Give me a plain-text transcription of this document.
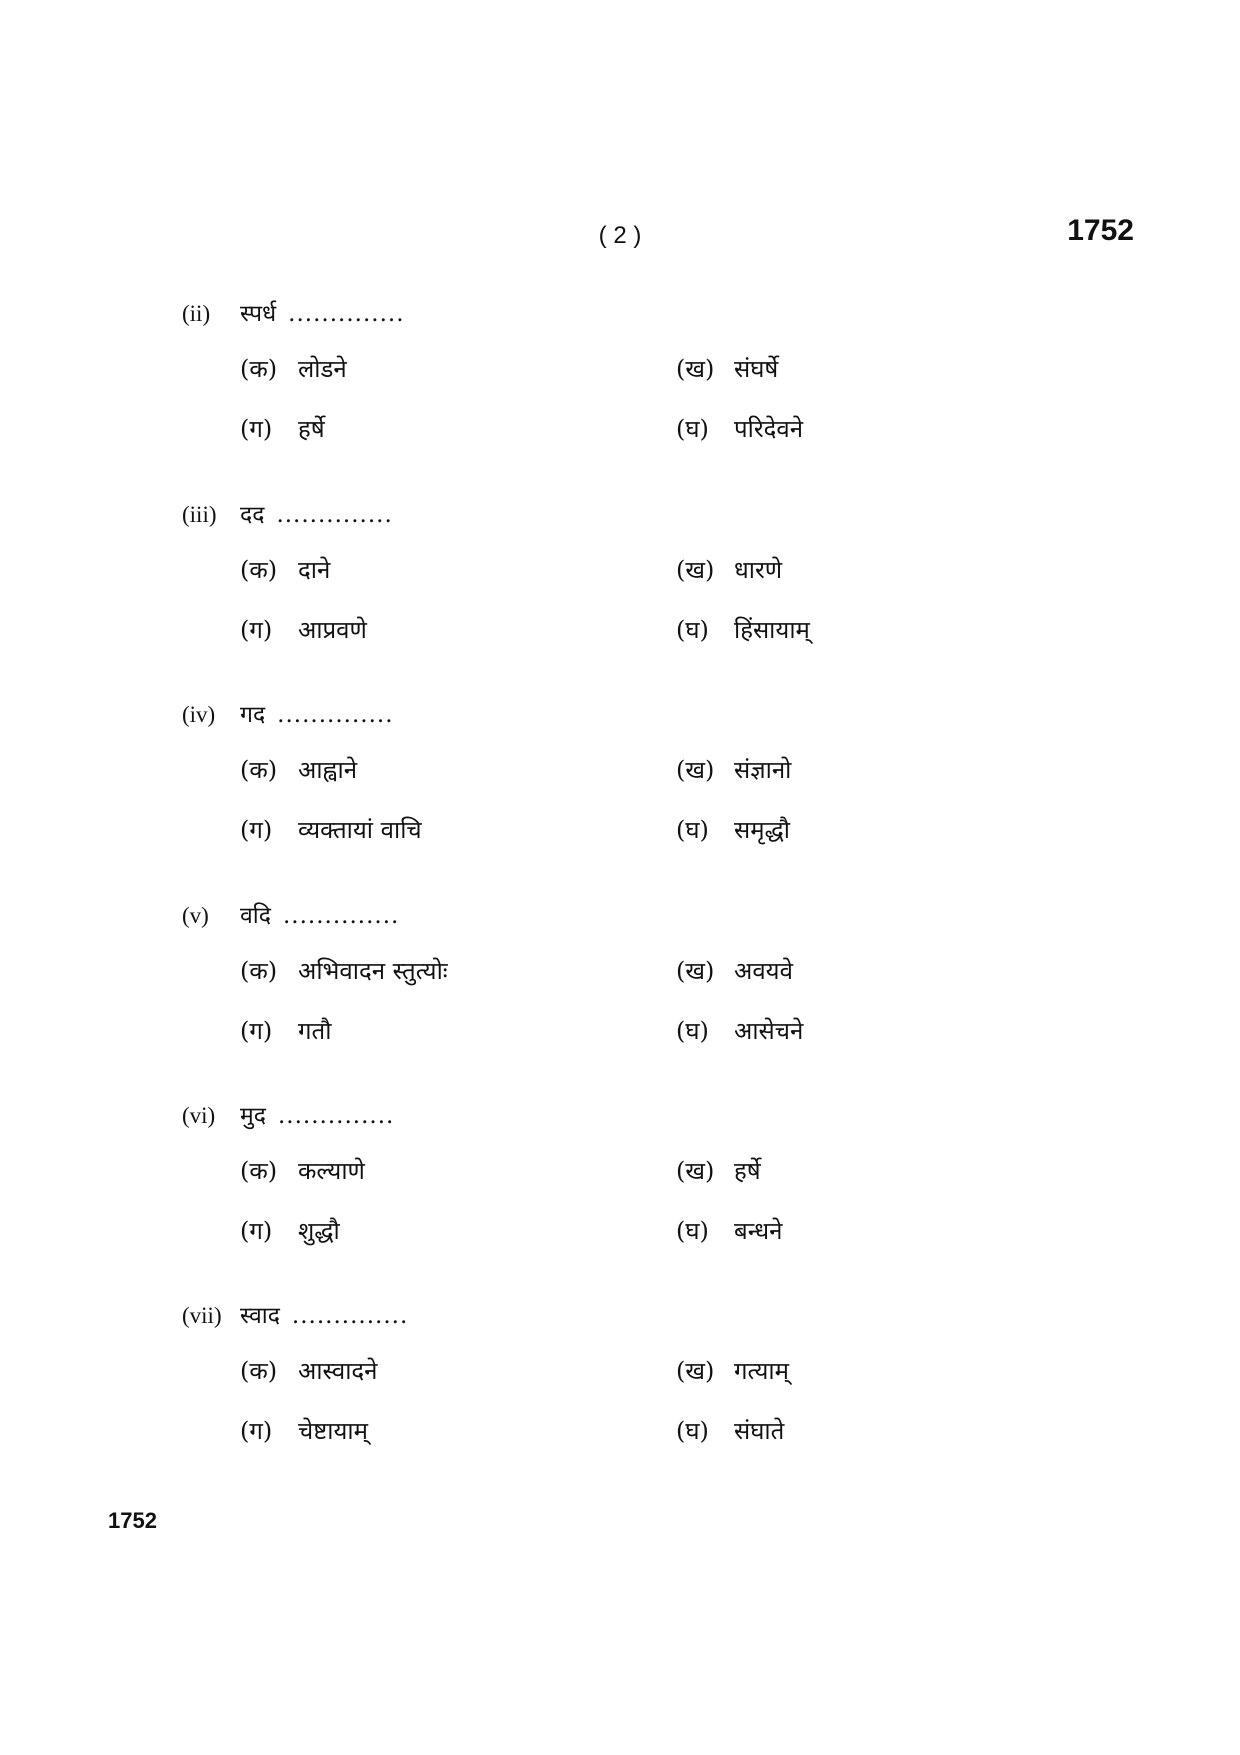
( 2 )	1752
(ii) स्पर्ध ..............
(क) लोडने	(ख) संघर्षे
(ग) हर्षे	(घ) परिदेवने
(iii) दद ..............
(क) दाने	(ख) धारणे
(ग) आप्रवणे	(घ) हिंसायाम्
(iv) गद ..............
(क) आह्वाने	(ख) संज्ञानो
(ग) व्यक्तायां वाचि	(घ) समृद्धौ
(v) वदि ..............
(क) अभिवादन स्तुत्योः	(ख) अवयवे
(ग) गतौ	(घ) आसेचने
(vi) मुद ..............
(क) कल्याणे	(ख) हर्षे
(ग) शुद्धौ	(घ) बन्धने
(vii) स्वाद ..............
(क) आस्वादने	(ख) गत्याम्
(ग) चेष्टायाम्	(घ) संघाते
1752
